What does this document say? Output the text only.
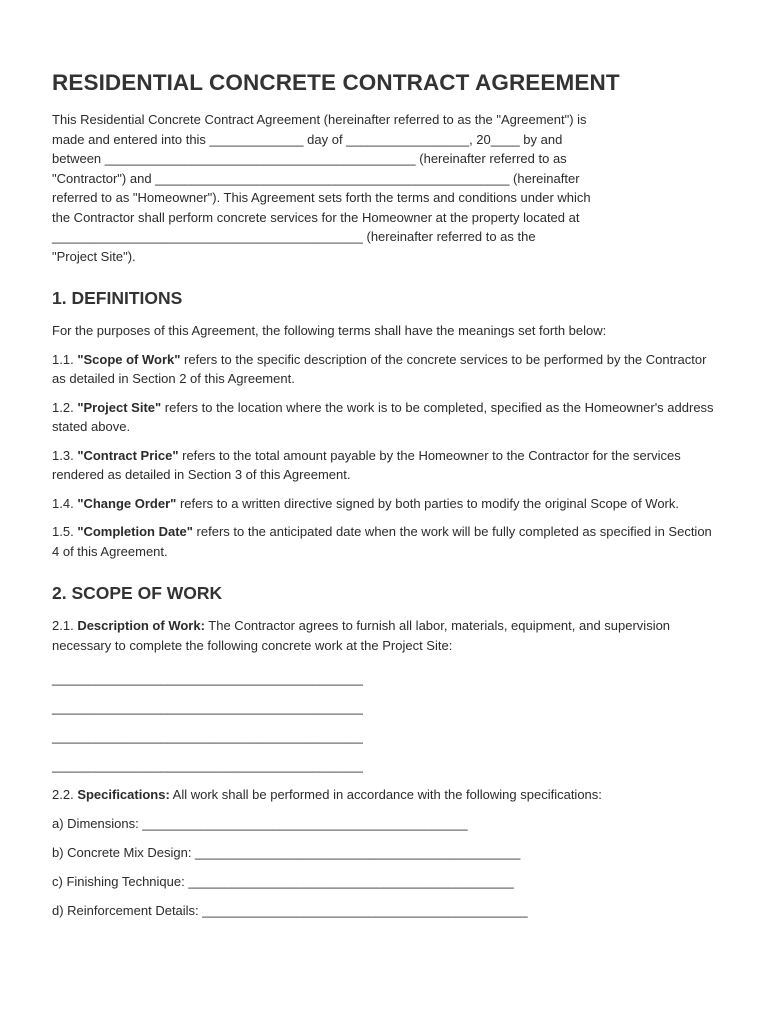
RESIDENTIAL CONCRETE CONTRACT AGREEMENT
This Residential Concrete Contract Agreement (hereinafter referred to as the "Agreement") is
made and entered into this _____________ day of _________________, 20____ by and
between ___________________________________________ (hereinafter referred to as
"Contractor") and _________________________________________________ (hereinafter
referred to as "Homeowner"). This Agreement sets forth the terms and conditions under which
the Contractor shall perform concrete services for the Homeowner at the property located at
___________________________________________ (hereinafter referred to as the
"Project Site").
1. DEFINITIONS
For the purposes of this Agreement, the following terms shall have the meanings set forth below:
1.1. "Scope of Work" refers to the specific description of the concrete services to be performed by the Contractor as detailed in Section 2 of this Agreement.
1.2. "Project Site" refers to the location where the work is to be completed, specified as the Homeowner's address stated above.
1.3. "Contract Price" refers to the total amount payable by the Homeowner to the Contractor for the services rendered as detailed in Section 3 of this Agreement.
1.4. "Change Order" refers to a written directive signed by both parties to modify the original Scope of Work.
1.5. "Completion Date" refers to the anticipated date when the work will be fully completed as specified in Section 4 of this Agreement.
2. SCOPE OF WORK
2.1. Description of Work: The Contractor agrees to furnish all labor, materials, equipment, and supervision necessary to complete the following concrete work at the Project Site:
___________________________________________
___________________________________________
___________________________________________
___________________________________________
2.2. Specifications: All work shall be performed in accordance with the following specifications:
a) Dimensions: _____________________________________________
b) Concrete Mix Design: _____________________________________________
c) Finishing Technique: _____________________________________________
d) Reinforcement Details: _____________________________________________
